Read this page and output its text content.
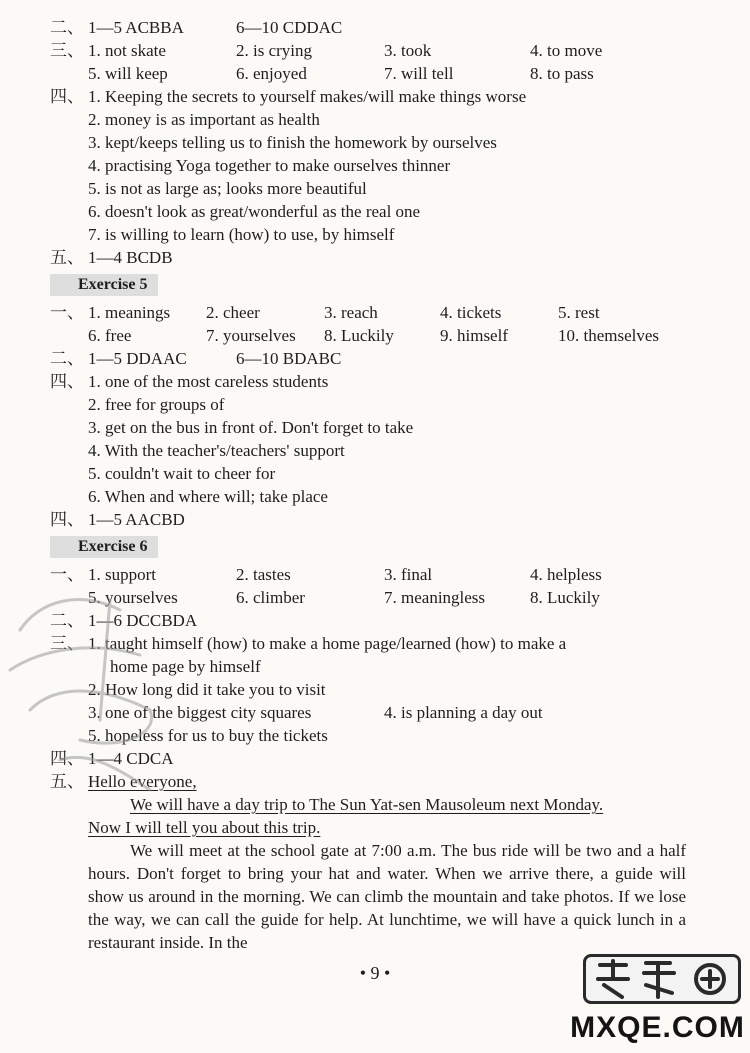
二、 1—5 ACBBA	6—10 CDDAC
三、 1. not skate	2. is crying	3. took	4. to move
5. will keep	6. enjoyed	7. will tell	8. to pass
四、 1. Keeping the secrets to yourself makes/will make things worse
2. money is as important as health
3. kept/keeps telling us to finish the homework by ourselves
4. practising Yoga together to make ourselves thinner
5. is not as large as; looks more beautiful
6. doesn't look as great/wonderful as the real one
7. is willing to learn (how) to use, by himself
五、 1—4 BCDB
Exercise 5
一、 1. meanings 2. cheer	3. reach	4. tickets	5. rest
6. free	7. yourselves 8. Luckily	9. himself	10. themselves
二、 1—5 DDAAC	6—10 BDABC
四、 1. one of the most careless students
2. free for groups of
3. get on the bus in front of. Don't forget to take
4. With the teacher's/teachers' support
5. couldn't wait to cheer for
6. When and where will; take place
四、 1—5 AACBD
Exercise 6
一、 1. support	2. tastes	3. final	4. helpless
5. yourselves	6. climber	7. meaningless	8. Luckily
二、 1—6 DCCBDA
三、 1. taught himself (how) to make a home page/learned (how) to make a
home page by himself
2. How long did it take you to visit
3. one of the biggest city squares	4. is planning a day out
5. hopeless for us to buy the tickets
四、 1—4 CDCA
五、 Hello everyone,
We will have a day trip to The Sun Yat-sen Mausoleum next Monday.
Now I will tell you about this trip.

We will meet at the school gate at 7:00 a.m. The bus ride will be two and a half hours. Don't forget to bring your hat and water. When we arrive there, a guide will show us around in the morning. We can climb the mountain and take photos. If we lose the way, we can call the guide for help. At lunchtime, we will have a quick lunch in a restaurant inside. In the

• 9 •
MXQE.COM
